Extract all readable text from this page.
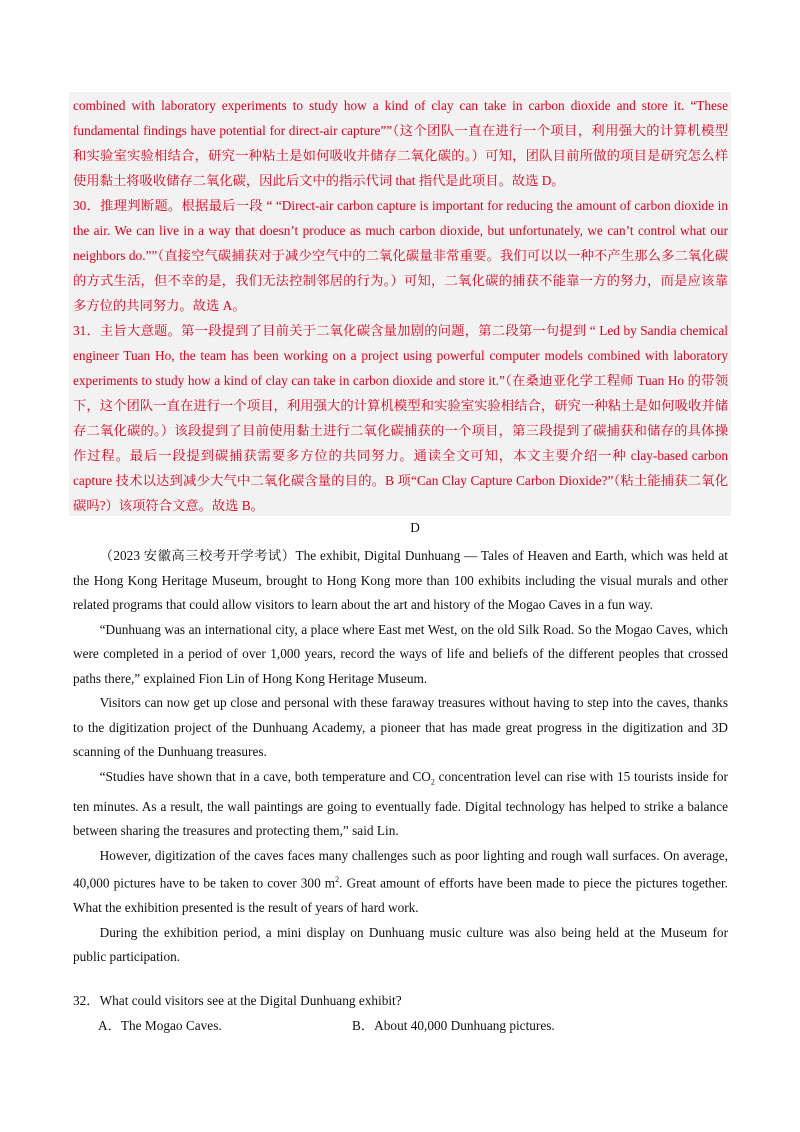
combined with laboratory experiments to study how a kind of clay can take in carbon dioxide and store it. “These fundamental findings have potential for direct-air capture””（这个团队一直在进行一个项目，利用强大的计算机模型和实验室实验相结合，研究一种粘土是如何吸收并储存二氧化碳的。）可知，团队目前所做的项目是研究怎么样使用黏土将吸收储存二氧化碳，因此后文中的指示代词 that 指代是此项目。故选 D。

30．推理判断题。根据最后一段 “ “Direct-air carbon capture is important for reducing the amount of carbon dioxide in the air. We can live in a way that doesn’t produce as much carbon dioxide, but unfortunately, we can’t control what our neighbors do.””（直接空气碳捕获对于减少空气中的二氧化碳量非常重要。我们可以以一种不产生那么多二氧化碳的方式生活，但不幸的是，我们无法控制邻居的行为。）可知，二氧化碳的捕获不能靠一方的努力，而是应该靠多方位的共同努力。故选 A。

31．主旨大意题。第一段提到了目前关于二氧化碳含量加剧的问题，第二段第一句提到 “ Led by Sandia chemical engineer Tuan Ho, the team has been working on a project using powerful computer models combined with laboratory experiments to study how a kind of clay can take in carbon dioxide and store it.”（在桑迪亚化学工程师 Tuan Ho 的带领下，这个团队一直在进行一个项目，利用强大的计算机模型和实验室实验相结合，研究一种粘土是如何吸收并储存二氧化碳的。）该段提到了目前使用黏土进行二氧化碳捕获的一个项目，第三段提到了碳捕获和储存的具体操作过程。最后一段提到碳捕获需要多方位的共同努力。通读全文可知，本文主要介绍一种 clay-based carbon capture 技术以达到减少大气中二氧化碳含量的目的。B 项“Can Clay Capture Carbon Dioxide?”（粘土能捕获二氧化碳吗?）该项符合文意。故选 B。

D

（2023 安徽高三校考开学考试）The exhibit, Digital Dunhuang — Tales of Heaven and Earth, which was held at the Hong Kong Heritage Museum, brought to Hong Kong more than 100 exhibits including the visual murals and other related programs that could allow visitors to learn about the art and history of the Mogao Caves in a fun way.

“Dunhuang was an international city, a place where East met West, on the old Silk Road. So the Mogao Caves, which were completed in a period of over 1,000 years, record the ways of life and beliefs of the different peoples that crossed paths there,” explained Fion Lin of Hong Kong Heritage Museum.

Visitors can now get up close and personal with these faraway treasures without having to step into the caves, thanks to the digitization project of the Dunhuang Academy, a pioneer that has made great progress in the digitization and 3D scanning of the Dunhuang treasures.

“Studies have shown that in a cave, both temperature and $CO_2$ concentration level can rise with 15 tourists inside for ten minutes. As a result, the wall paintings are going to eventually fade. Digital technology has helped to strike a balance between sharing the treasures and protecting them,” said Lin.

However, digitization of the caves faces many challenges such as poor lighting and rough wall surfaces. On average, 40,000 pictures have to be taken to cover 300 $m^2$. Great amount of efforts have been made to piece the pictures together. What the exhibition presented is the result of years of hard work.

During the exhibition period, a mini display on Dunhuang music culture was also being held at the Museum for public participation.

32．What could visitors see at the Digital Dunhuang exhibit?
A．The Mogao Caves.	B．About 40,000 Dunhuang pictures.
